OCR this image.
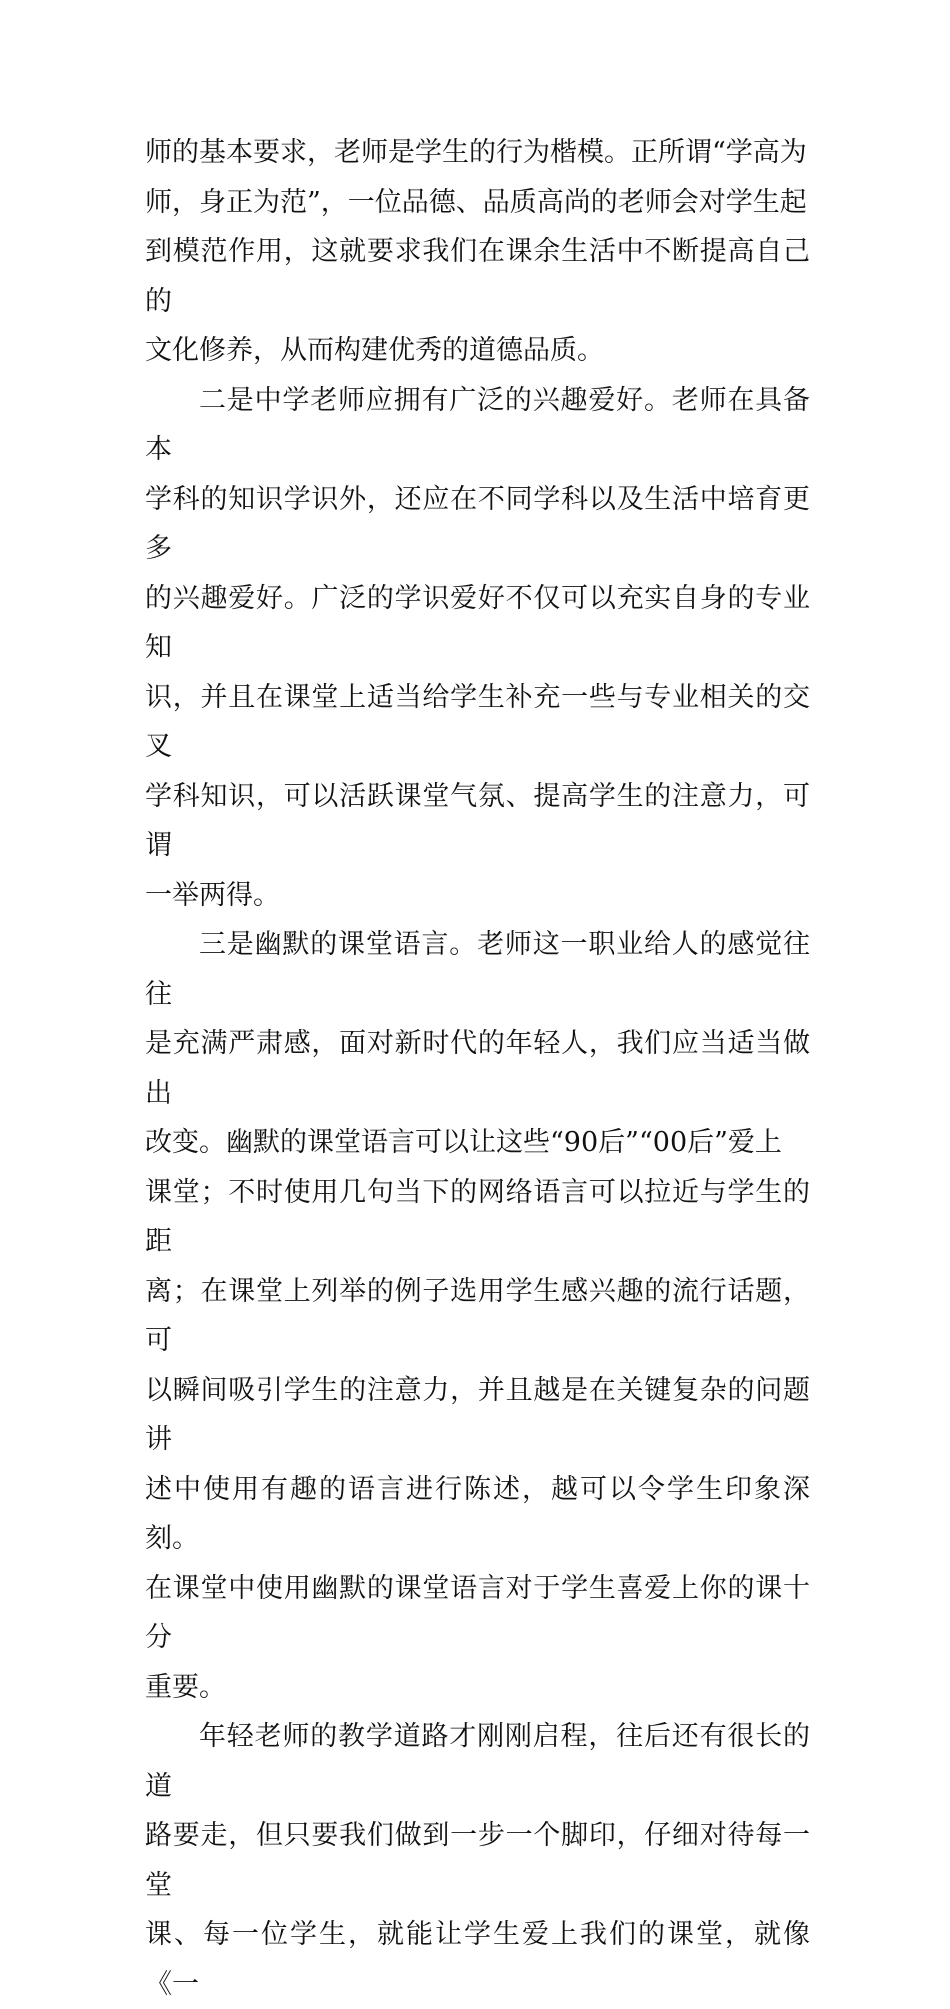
师的基本要求，老师是学生的行为楷模。正所谓“学高为
师，身正为范”，一位品德、品质高尚的老师会对学生起
到模范作用，这就要求我们在课余生活中不断提高自己的
文化修养，从而构建优秀的道德品质。
二是中学老师应拥有广泛的兴趣爱好。老师在具备本
学科的知识学识外，还应在不同学科以及生活中培育更多
的兴趣爱好。广泛的学识爱好不仅可以充实自身的专业知
识，并且在课堂上适当给学生补充一些与专业相关的交叉
学科知识，可以活跃课堂气氛、提高学生的注意力，可谓
一举两得。
三是幽默的课堂语言。老师这一职业给人的感觉往往
是充满严肃感，面对新时代的年轻人，我们应当适当做出
改变。幽默的课堂语言可以让这些“90后”“00后”爱上
课堂；不时使用几句当下的网络语言可以拉近与学生的距
离；在课堂上列举的例子选用学生感兴趣的流行话题，可
以瞬间吸引学生的注意力，并且越是在关键复杂的问题讲
述中使用有趣的语言进行陈述，越可以令学生印象深刻。
在课堂中使用幽默的课堂语言对于学生喜爱上你的课十分
重要。
年轻老师的教学道路才刚刚启程，往后还有很长的道
路要走，但只要我们做到一步一个脚印，仔细对待每一堂
课、每一位学生，就能让学生爱上我们的课堂，就像《一
